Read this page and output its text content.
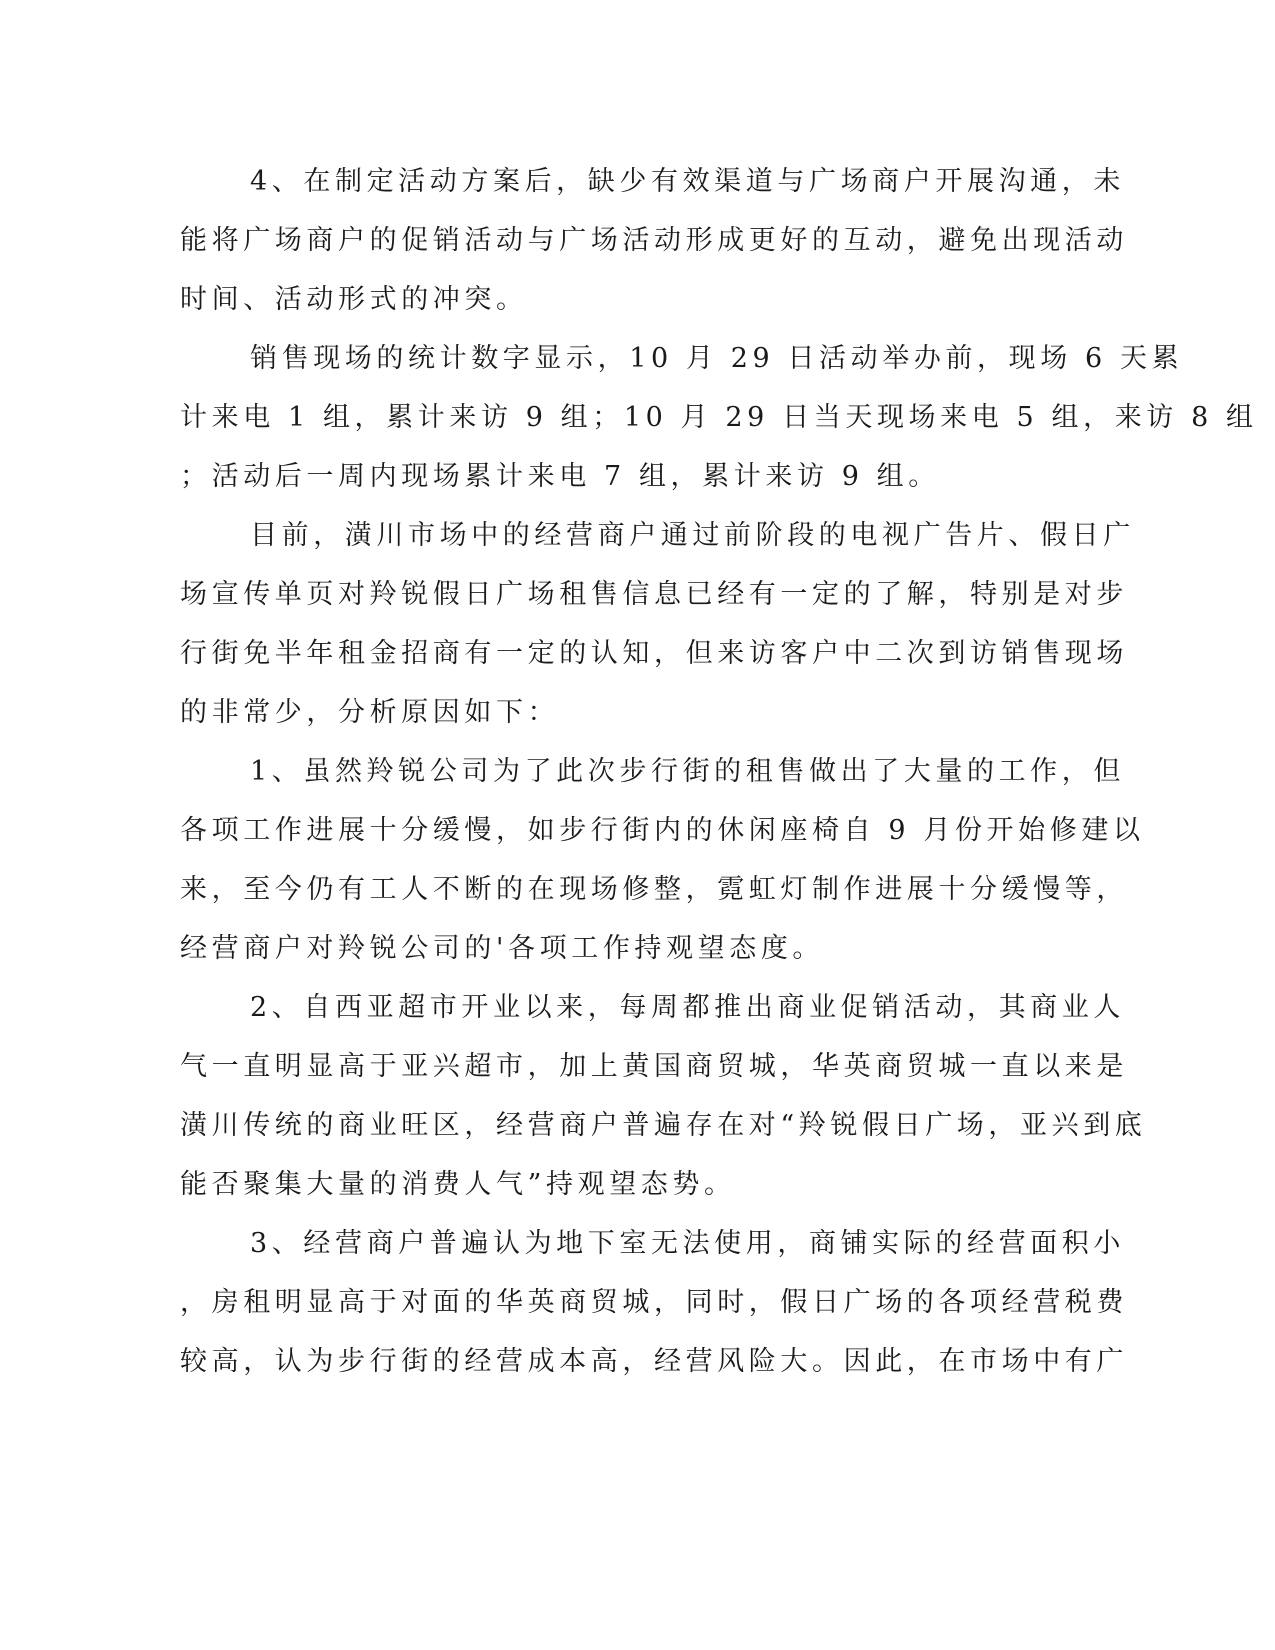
4、在制定活动方案后，缺少有效渠道与广场商户开展沟通，未
能将广场商户的促销活动与广场活动形成更好的互动，避免出现活动
时间、活动形式的冲突。
销售现场的统计数字显示，10 月 29 日活动举办前，现场 6 天累
计来电 1 组，累计来访 9 组；10 月 29 日当天现场来电 5 组，来访 8 组
；活动后一周内现场累计来电 7 组，累计来访 9 组。
目前，潢川市场中的经营商户通过前阶段的电视广告片、假日广
场宣传单页对羚锐假日广场租售信息已经有一定的了解，特别是对步
行街免半年租金招商有一定的认知，但来访客户中二次到访销售现场
的非常少，分析原因如下：
1、虽然羚锐公司为了此次步行街的租售做出了大量的工作，但
各项工作进展十分缓慢，如步行街内的休闲座椅自 9 月份开始修建以
来，至今仍有工人不断的在现场修整，霓虹灯制作进展十分缓慢等，
经营商户对羚锐公司的'各项工作持观望态度。
2、自西亚超市开业以来，每周都推出商业促销活动，其商业人
气一直明显高于亚兴超市，加上黄国商贸城，华英商贸城一直以来是
潢川传统的商业旺区，经营商户普遍存在对“羚锐假日广场，亚兴到底
能否聚集大量的消费人气”持观望态势。
3、经营商户普遍认为地下室无法使用，商铺实际的经营面积小
，房租明显高于对面的华英商贸城，同时，假日广场的各项经营税费
较高，认为步行街的经营成本高，经营风险大。因此，在市场中有广
